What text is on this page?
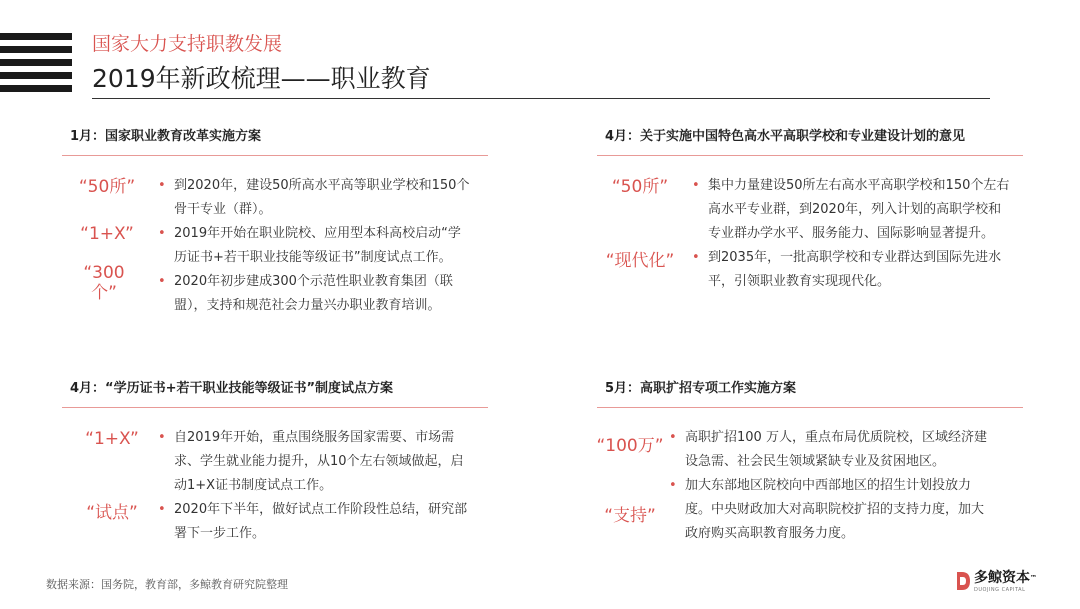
国家大力支持职教发展
2019年新政梳理——职业教育
1月：国家职业教育改革实施方案
“50所”
“1+X”
“300个”
• 到2020年，建设50所高水平高等职业学校和150个骨干专业（群）。
• 2019年开始在职业院校、应用型本科高校启动“学历证书+若干职业技能等级证书”制度试点工作。
• 2020年初步建成300个示范性职业教育集团（联盟），支持和规范社会力量兴办职业教育培训。
4月：关于实施中国特色高水平高职学校和专业建设计划的意见
“50所”
“现代化”
• 集中力量建设50所左右高水平高职学校和150个左右高水平专业群，到2020年，列入计划的高职学校和专业群办学水平、服务能力、国际影响显著提升。
• 到2035年，一批高职学校和专业群达到国际先进水平，引领职业教育实现现代化。
4月：“学历证书+若干职业技能等级证书”制度试点方案
“1+X”
“试点”
• 自2019年开始，重点围绕服务国家需要、市场需求、学生就业能力提升，从10个左右领域做起，启动1+X证书制度试点工作。
• 2020年下半年，做好试点工作阶段性总结，研究部署下一步工作。
5月：高职扩招专项工作实施方案
“100万”
“支持”
• 高职扩招100 万人，重点布局优质院校，区域经济建设急需、社会民生领域紧缺专业及贫困地区。
• 加大东部地区院校向中西部地区的招生计划投放力度。中央财政加大对高职院校扩招的支持力度，加大政府购买高职教育服务力度。
数据来源：国务院，教育部，多鲸教育研究院整理	多鲸资本™
DUOJING CAPITAL
